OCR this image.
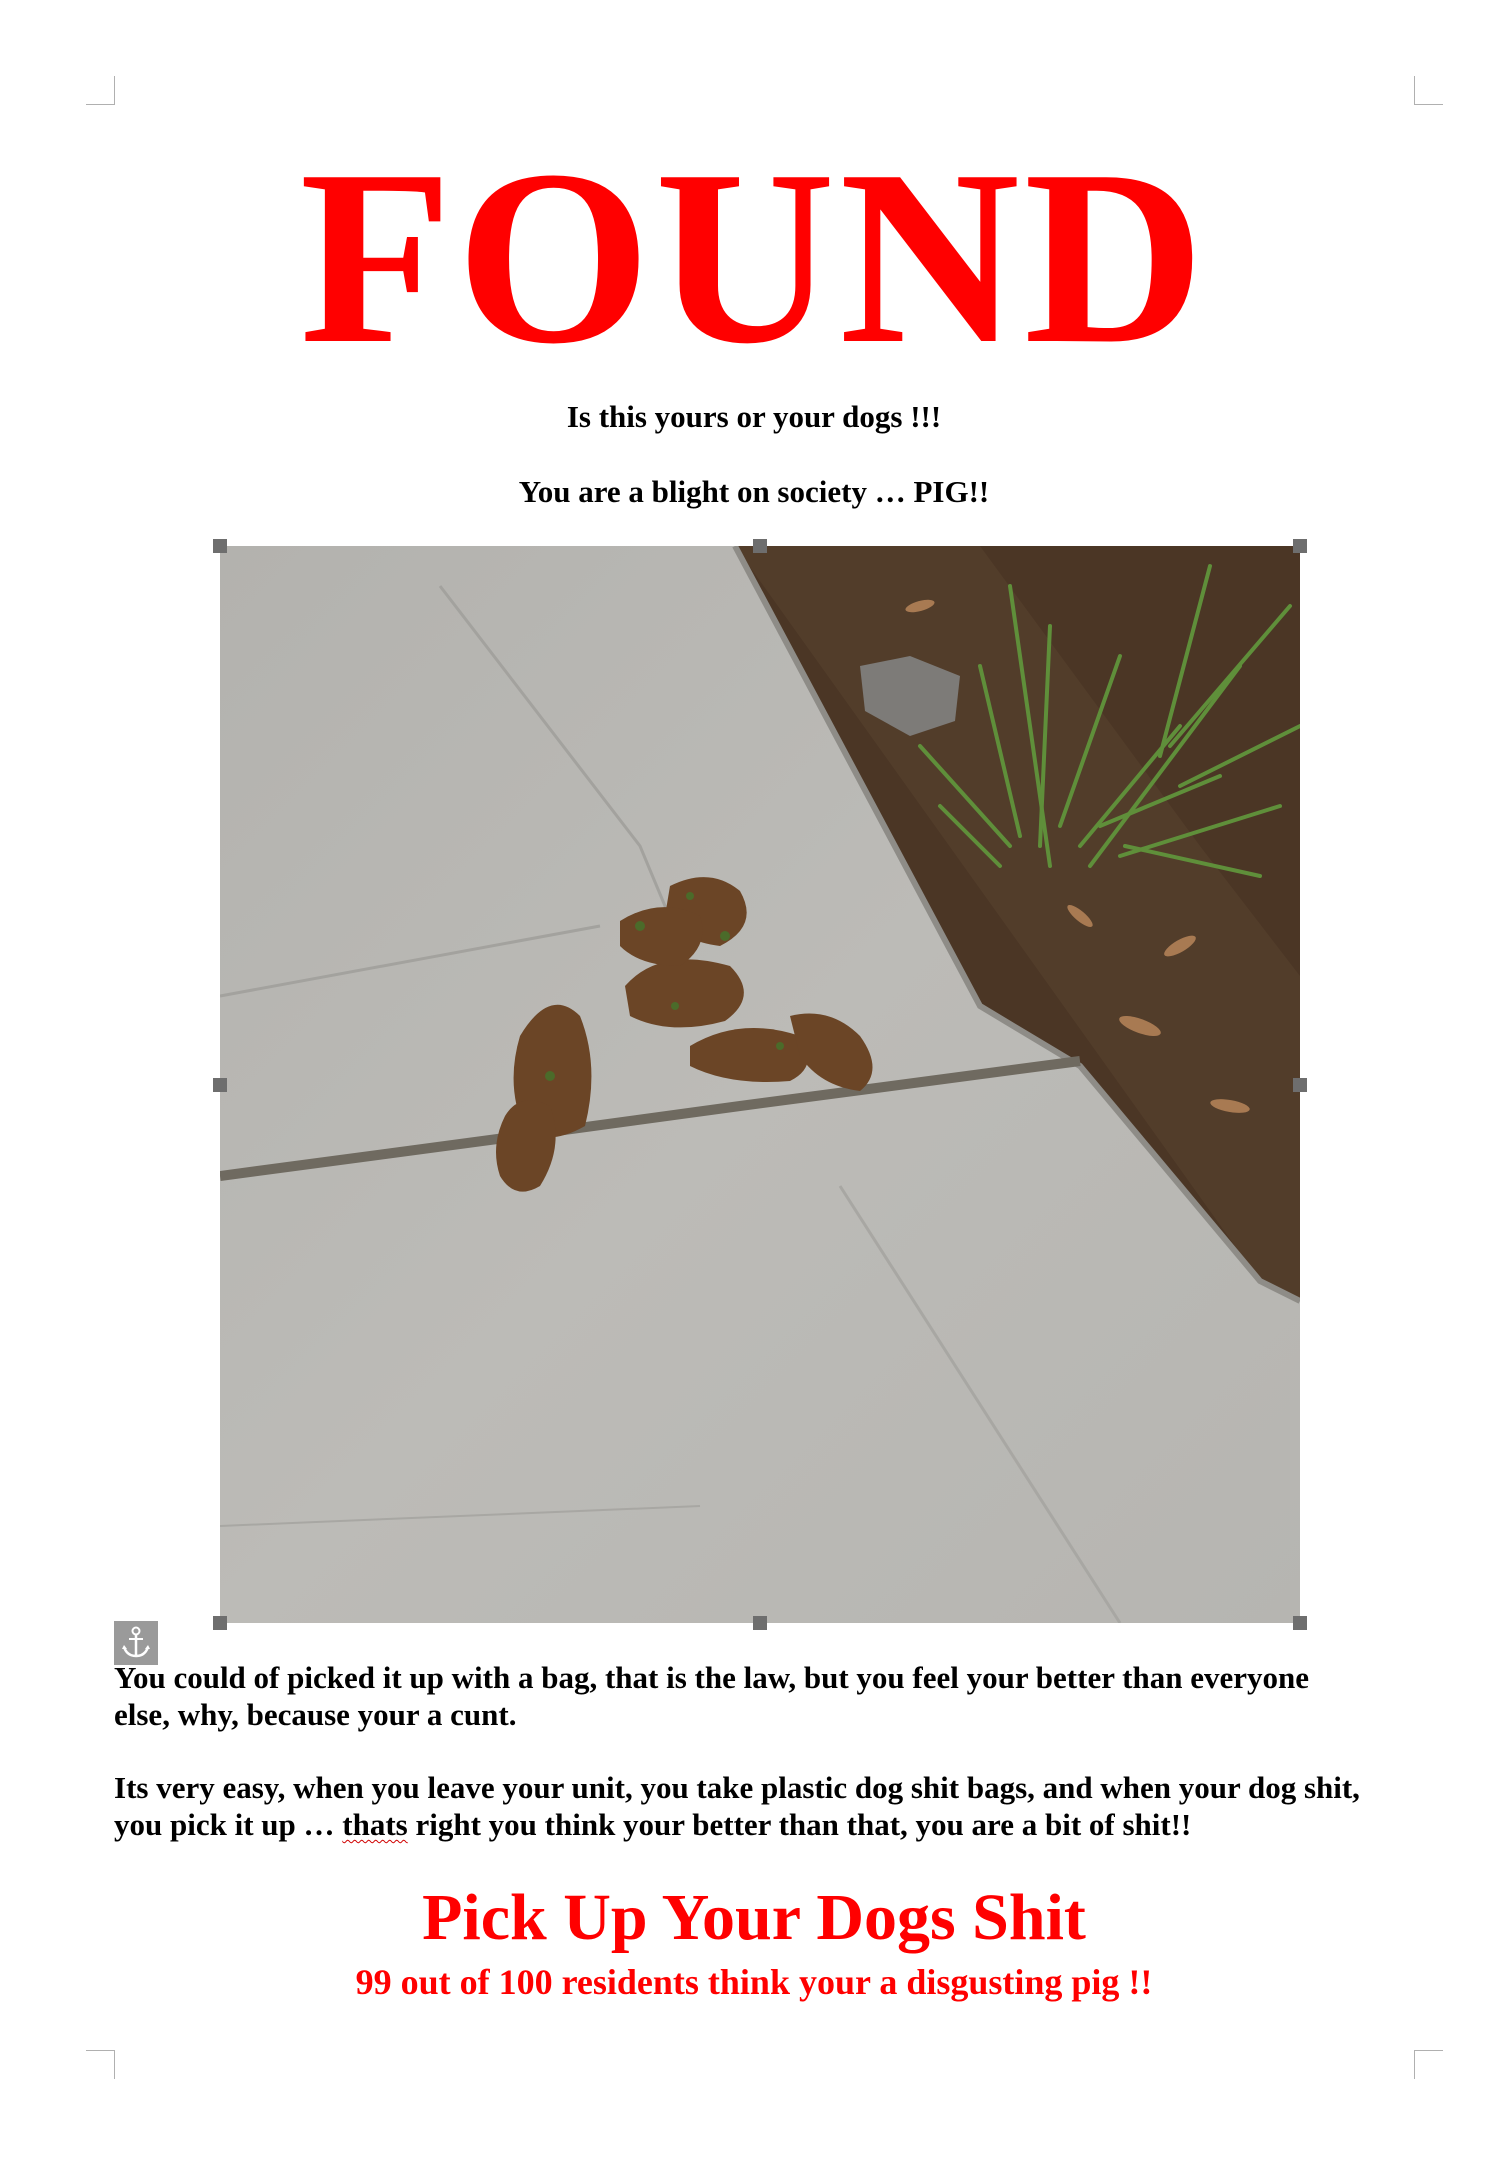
FOUND
Is this yours or your dogs !!!
You are a blight on society … PIG!!
You could of picked it up with a bag, that is the law, but you feel your better than everyone else, why, because your a cunt.
Its very easy, when you leave your unit, you take plastic dog shit bags, and when your dog shit, you pick it up … thats right you think your better than that, you are a bit of shit!!
Pick Up Your Dogs Shit
99 out of 100 residents think your a disgusting pig !!
